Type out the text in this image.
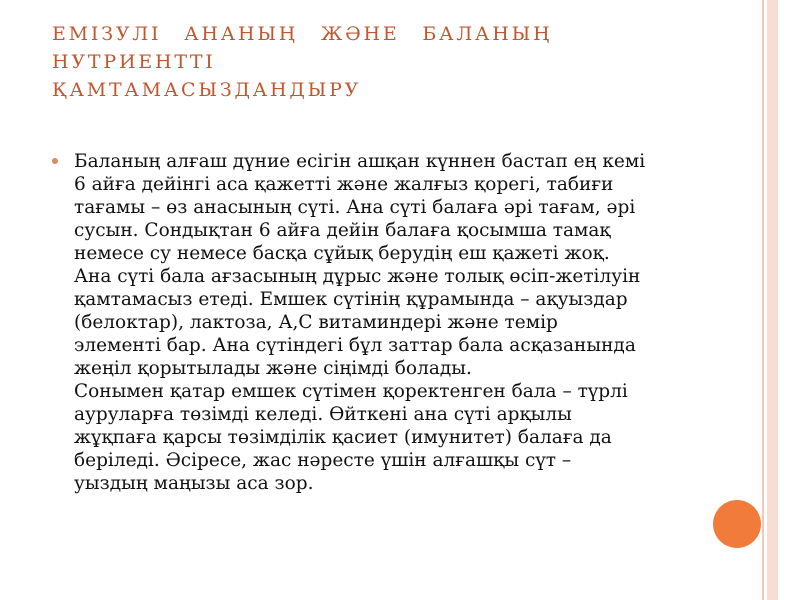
ЕМІЗУЛІ АНАНЫҢ ЖӘНЕ БАЛАНЫҢ НУТРИЕНТТІ
ҚАМТАМАСЫЗДАНДЫРУ
Баланың алғаш дүние есігін ашқан күннен бастап ең кемі
6 айға дейінгі аса қажетті және жалғыз қорегі, табиғи
тағамы – өз анасының сүті. Ана сүті балаға әрі тағам, әрі
сусын. Сондықтан 6 айға дейін балаға қосымша тамақ
немесе су немесе басқа сұйық берудің еш қажеті жоқ.
Ана сүті бала ағзасының дұрыс және толық өсіп-жетілуін
қамтамасыз етеді. Емшек сүтінің құрамында – ақуыздар
(белоктар), лактоза, А,С витаминдері және темір
элементі бар. Ана сүтіндегі бұл заттар бала асқазанында
жеңіл қорытылады және сіңімді болады.
Сонымен қатар емшек сүтімен қоректенген бала – түрлі
ауруларға төзімді келеді. Өйткені ана сүті арқылы
жұқпаға қарсы төзімділік қасиет (имунитет) балаға да
беріледі. Әсіресе, жас нәресте үшін алғашқы сүт –
уыздың маңызы аса зор.
